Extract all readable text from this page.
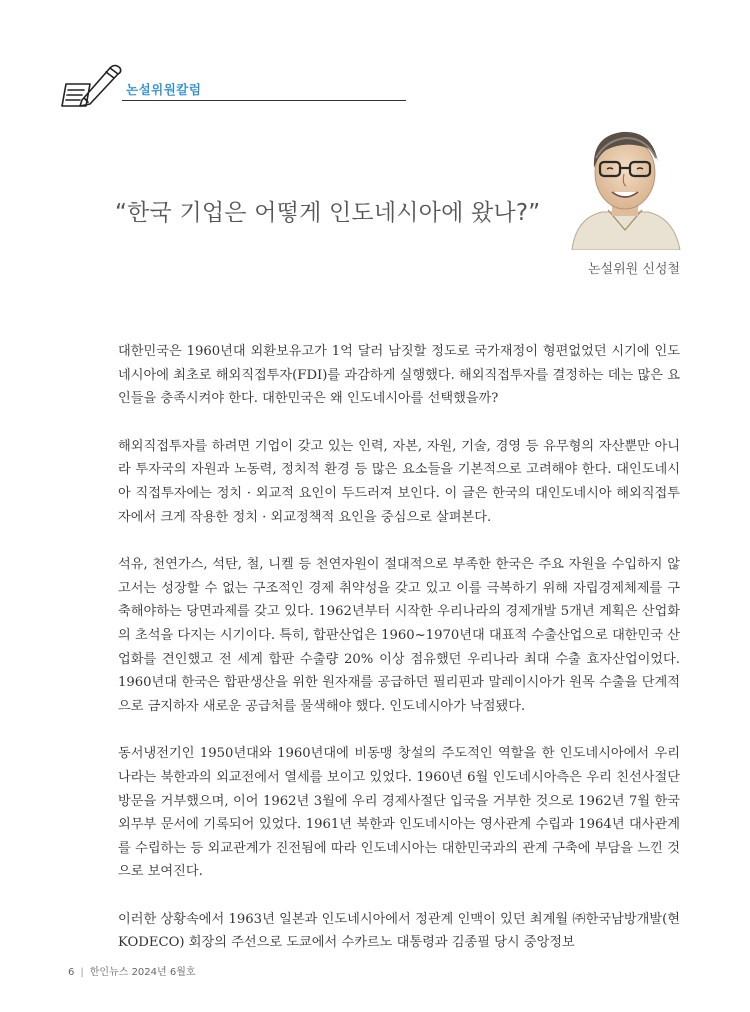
논설위원칼럼
“한국 기업은 어떻게 인도네시아에 왔나?”
논설위원 신성철

대한민국은 1960년대 외환보유고가 1억 달러 남짓할 정도로 국가재정이 형편없었던 시기에 인도네시아에 최초로 해외직접투자(FDI)를 과감하게 실행했다. 해외직접투자를 결정하는 데는 많은 요인들을 충족시켜야 한다. 대한민국은 왜 인도네시아를 선택했을까?

해외직접투자를 하려면 기업이 갖고 있는 인력, 자본, 자원, 기술, 경영 등 유무형의 자산뿐만 아니라 투자국의 자원과 노동력, 정치적 환경 등 많은 요소들을 기본적으로 고려해야 한다. 대인도네시아 직접투자에는 정치 · 외교적 요인이 두드러져 보인다. 이 글은 한국의 대인도네시아 해외직접투자에서 크게 작용한 정치 · 외교정책적 요인을 중심으로 살펴본다.

석유, 천연가스, 석탄, 철, 니켈 등 천연자원이 절대적으로 부족한 한국은 주요 자원을 수입하지 않고서는 성장할 수 없는 구조적인 경제 취약성을 갖고 있고 이를 극복하기 위해 자립경제체제를 구축해야하는 당면과제를 갖고 있다. 1962년부터 시작한 우리나라의 경제개발 5개년 계획은 산업화의 초석을 다지는 시기이다. 특히, 합판산업은 1960~1970년대 대표적 수출산업으로 대한민국 산업화를 견인했고 전 세계 합판 수출량 20% 이상 점유했던 우리나라 최대 수출 효자산업이었다. 1960년대 한국은 합판생산을 위한 원자재를 공급하던 필리핀과 말레이시아가 원목 수출을 단계적으로 금지하자 새로운 공급처를 물색해야 했다. 인도네시아가 낙점됐다.

동서냉전기인 1950년대와 1960년대에 비동맹 창설의 주도적인 역할을 한 인도네시아에서 우리나라는 북한과의 외교전에서 열세를 보이고 있었다. 1960년 6월 인도네시아측은 우리 친선사절단 방문을 거부했으며, 이어 1962년 3월에 우리 경제사절단 입국을 거부한 것으로 1962년 7월 한국 외무부 문서에 기록되어 있었다. 1961년 북한과 인도네시아는 영사관계 수립과 1964년 대사관계를 수립하는 등 외교관계가 진전됨에 따라 인도네시아는 대한민국과의 관계 구축에 부담을 느낀 것으로 보여진다.

이러한 상황속에서 1963년 일본과 인도네시아에서 정관계 인맥이 있던 최계월 ㈜한국남방개발(현 KODECO) 회장의 주선으로 도쿄에서 수카르노 대통령과 김종필 당시 중앙정보

6 | 한인뉴스 2024년 6월호
